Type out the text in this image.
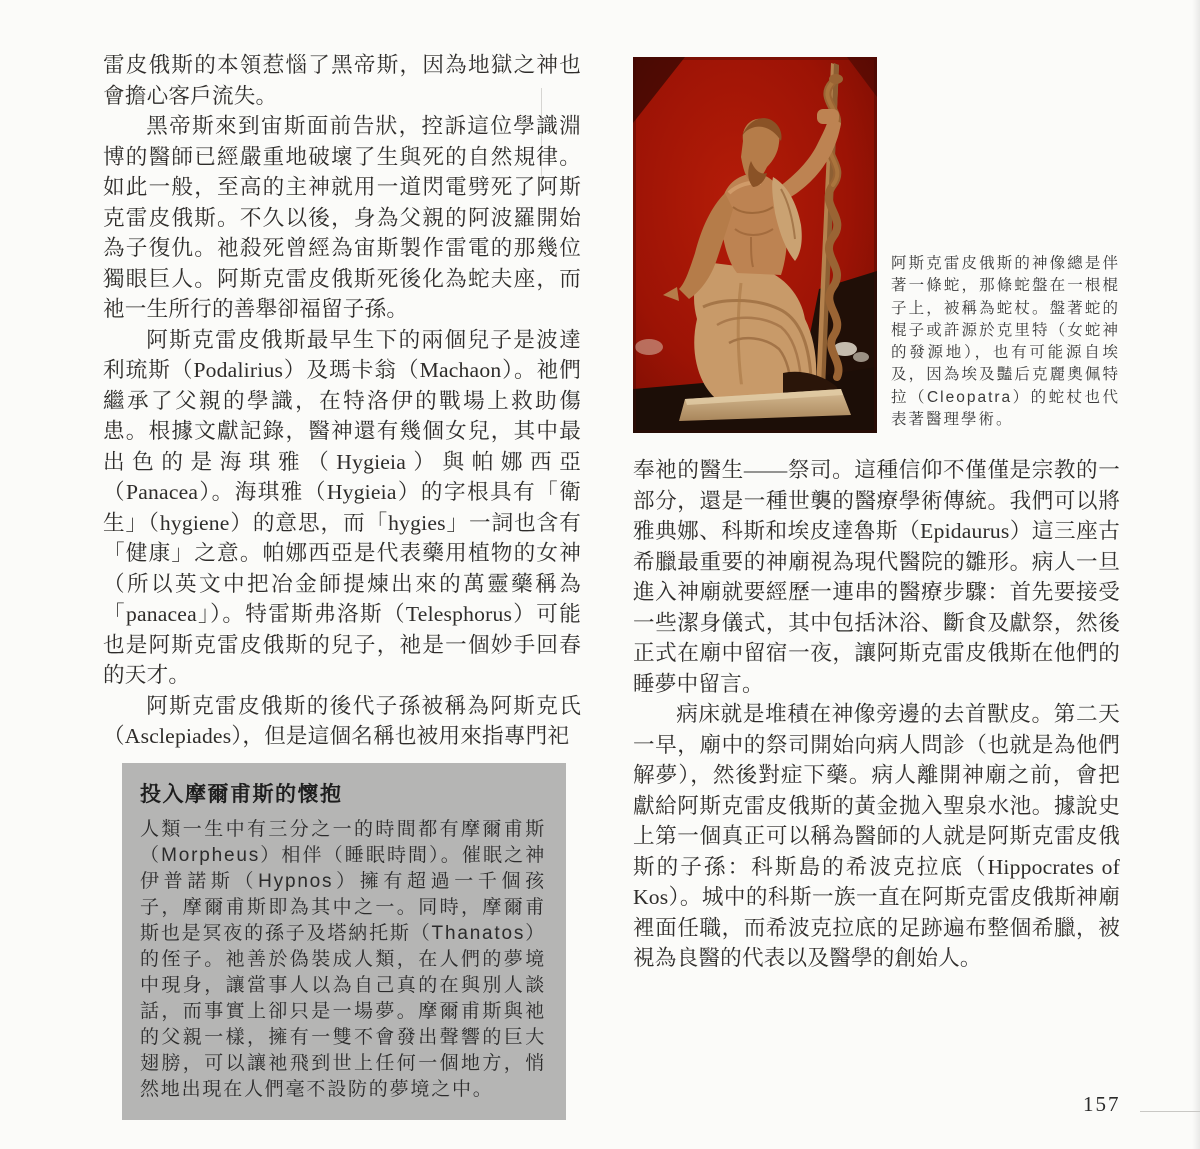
雷皮俄斯的本領惹惱了黑帝斯，因為地獄之神也會擔心客戶流失。

黑帝斯來到宙斯面前告狀，控訴這位學識淵博的醫師已經嚴重地破壞了生與死的自然規律。如此一般，至高的主神就用一道閃電劈死了阿斯克雷皮俄斯。不久以後，身為父親的阿波羅開始為子復仇。祂殺死曾經為宙斯製作雷電的那幾位獨眼巨人。阿斯克雷皮俄斯死後化為蛇夫座，而祂一生所行的善舉卻福留子孫。

阿斯克雷皮俄斯最早生下的兩個兒子是波達利琉斯（Podalirius）及瑪卡翁（Machaon）。祂們繼承了父親的學識，在特洛伊的戰場上救助傷患。根據文獻記錄，醫神還有幾個女兒，其中最出色的是海琪雅（Hygieia）與帕娜西亞（Panacea）。海琪雅（Hygieia）的字根具有「衛生」（hygiene）的意思，而「hygies」一詞也含有「健康」之意。帕娜西亞是代表藥用植物的女神（所以英文中把冶金師提煉出來的萬靈藥稱為「panacea」）。特雷斯弗洛斯（Telesphorus）可能也是阿斯克雷皮俄斯的兒子，祂是一個妙手回春的天才。

阿斯克雷皮俄斯的後代子孫被稱為阿斯克氏（Asclepiades），但是這個名稱也被用來指專門祀

投入摩爾甫斯的懷抱

人類一生中有三分之一的時間都有摩爾甫斯（Morpheus）相伴（睡眠時間）。催眠之神伊普諾斯（Hypnos）擁有超過一千個孩子，摩爾甫斯即為其中之一。同時，摩爾甫斯也是冥夜的孫子及塔納托斯（Thanatos）的侄子。祂善於偽裝成人類，在人們的夢境中現身，讓當事人以為自己真的在與別人談話，而事實上卻只是一場夢。摩爾甫斯與祂的父親一樣，擁有一雙不會發出聲響的巨大翅膀，可以讓祂飛到世上任何一個地方，悄然地出現在人們毫不設防的夢境之中。

阿斯克雷皮俄斯的神像總是伴著一條蛇，那條蛇盤在一根棍子上，被稱為蛇杖。盤著蛇的棍子或許源於克里特（女蛇神的發源地），也有可能源自埃及，因為埃及豔后克麗奧佩特拉（Cleopatra）的蛇杖也代表著醫理學術。

奉祂的醫生——祭司。這種信仰不僅僅是宗教的一部分，還是一種世襲的醫療學術傳統。我們可以將雅典娜、科斯和埃皮達魯斯（Epidaurus）這三座古希臘最重要的神廟視為現代醫院的雛形。病人一旦進入神廟就要經歷一連串的醫療步驟：首先要接受一些潔身儀式，其中包括沐浴、斷食及獻祭，然後正式在廟中留宿一夜，讓阿斯克雷皮俄斯在他們的睡夢中留言。

病床就是堆積在神像旁邊的去首獸皮。第二天一早，廟中的祭司開始向病人問診（也就是為他們解夢），然後對症下藥。病人離開神廟之前，會把獻給阿斯克雷皮俄斯的黃金拋入聖泉水池。據說史上第一個真正可以稱為醫師的人就是阿斯克雷皮俄斯的子孫：科斯島的希波克拉底（Hippocrates of Kos）。城中的科斯一族一直在阿斯克雷皮俄斯神廟裡面任職，而希波克拉底的足跡遍布整個希臘，被視為良醫的代表以及醫學的創始人。

157
